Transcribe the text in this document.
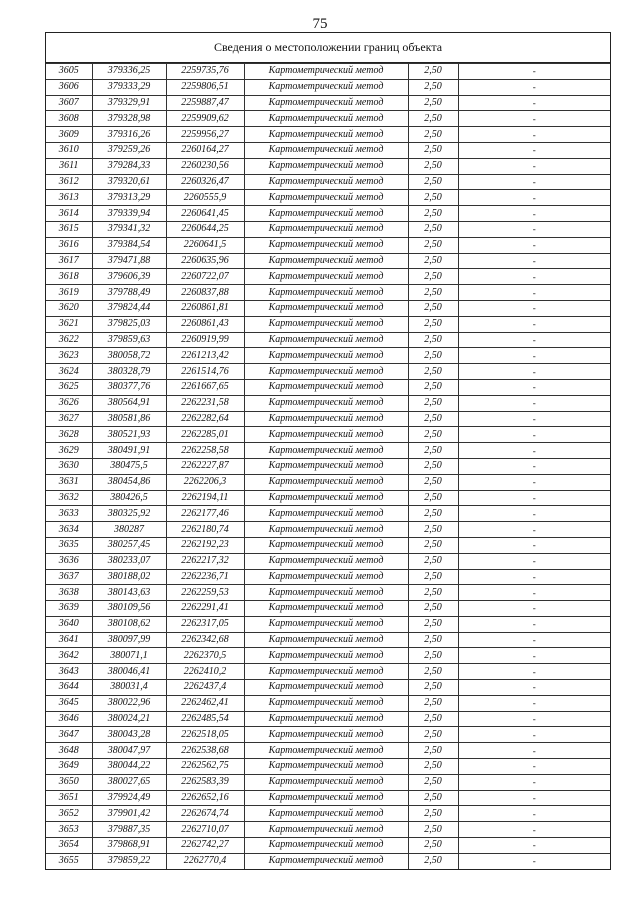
75
Сведения о местоположении границ объекта
3605	379336,25	2259735,76	Картометрический метод	2,50	-
3606	379333,29	2259806,51	Картометрический метод	2,50	-
3607	379329,91	2259887,47	Картометрический метод	2,50	-
3608	379328,98	2259909,62	Картометрический метод	2,50	-
3609	379316,26	2259956,27	Картометрический метод	2,50	-
3610	379259,26	2260164,27	Картометрический метод	2,50	-
3611	379284,33	2260230,56	Картометрический метод	2,50	-
3612	379320,61	2260326,47	Картометрический метод	2,50	-
3613	379313,29	2260555,9	Картометрический метод	2,50	-
3614	379339,94	2260641,45	Картометрический метод	2,50	-
3615	379341,32	2260644,25	Картометрический метод	2,50	-
3616	379384,54	2260641,5	Картометрический метод	2,50	-
3617	379471,88	2260635,96	Картометрический метод	2,50	-
3618	379606,39	2260722,07	Картометрический метод	2,50	-
3619	379788,49	2260837,88	Картометрический метод	2,50	-
3620	379824,44	2260861,81	Картометрический метод	2,50	-
3621	379825,03	2260861,43	Картометрический метод	2,50	-
3622	379859,63	2260919,99	Картометрический метод	2,50	-
3623	380058,72	2261213,42	Картометрический метод	2,50	-
3624	380328,79	2261514,76	Картометрический метод	2,50	-
3625	380377,76	2261667,65	Картометрический метод	2,50	-
3626	380564,91	2262231,58	Картометрический метод	2,50	-
3627	380581,86	2262282,64	Картометрический метод	2,50	-
3628	380521,93	2262285,01	Картометрический метод	2,50	-
3629	380491,91	2262258,58	Картометрический метод	2,50	-
3630	380475,5	2262227,87	Картометрический метод	2,50	-
3631	380454,86	2262206,3	Картометрический метод	2,50	-
3632	380426,5	2262194,11	Картометрический метод	2,50	-
3633	380325,92	2262177,46	Картометрический метод	2,50	-
3634	380287	2262180,74	Картометрический метод	2,50	-
3635	380257,45	2262192,23	Картометрический метод	2,50	-
3636	380233,07	2262217,32	Картометрический метод	2,50	-
3637	380188,02	2262236,71	Картометрический метод	2,50	-
3638	380143,63	2262259,53	Картометрический метод	2,50	-
3639	380109,56	2262291,41	Картометрический метод	2,50	-
3640	380108,62	2262317,05	Картометрический метод	2,50	-
3641	380097,99	2262342,68	Картометрический метод	2,50	-
3642	380071,1	2262370,5	Картометрический метод	2,50	-
3643	380046,41	2262410,2	Картометрический метод	2,50	-
3644	380031,4	2262437,4	Картометрический метод	2,50	-
3645	380022,96	2262462,41	Картометрический метод	2,50	-
3646	380024,21	2262485,54	Картометрический метод	2,50	-
3647	380043,28	2262518,05	Картометрический метод	2,50	-
3648	380047,97	2262538,68	Картометрический метод	2,50	-
3649	380044,22	2262562,75	Картометрический метод	2,50	-
3650	380027,65	2262583,39	Картометрический метод	2,50	-
3651	379924,49	2262652,16	Картометрический метод	2,50	-
3652	379901,42	2262674,74	Картометрический метод	2,50	-
3653	379887,35	2262710,07	Картометрический метод	2,50	-
3654	379868,91	2262742,27	Картометрический метод	2,50	-
3655	379859,22	2262770,4	Картометрический метод	2,50	-
